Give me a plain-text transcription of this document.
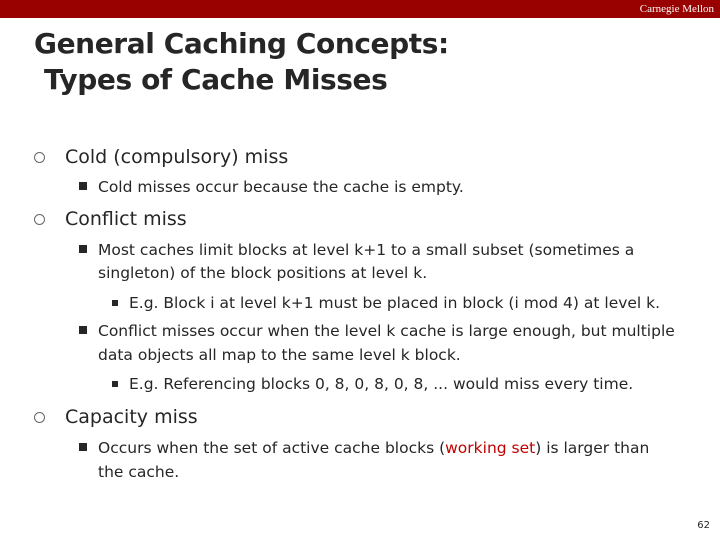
Carnegie Mellon
General Caching Concepts:
Types of Cache Misses
Cold (compulsory) miss
Cold misses occur because the cache is empty.
Conflict miss
Most caches limit blocks at level k+1 to a small subset (sometimes a
singleton) of the block positions at level k.
E.g. Block i at level k+1 must be placed in block (i mod 4) at level k.
Conflict misses occur when the level k cache is large enough, but multiple
data objects all map to the same level k block.
E.g. Referencing blocks 0, 8, 0, 8, 0, 8, ... would miss every time.
Capacity miss
Occurs when the set of active cache blocks (working set) is larger than
the cache.
62
